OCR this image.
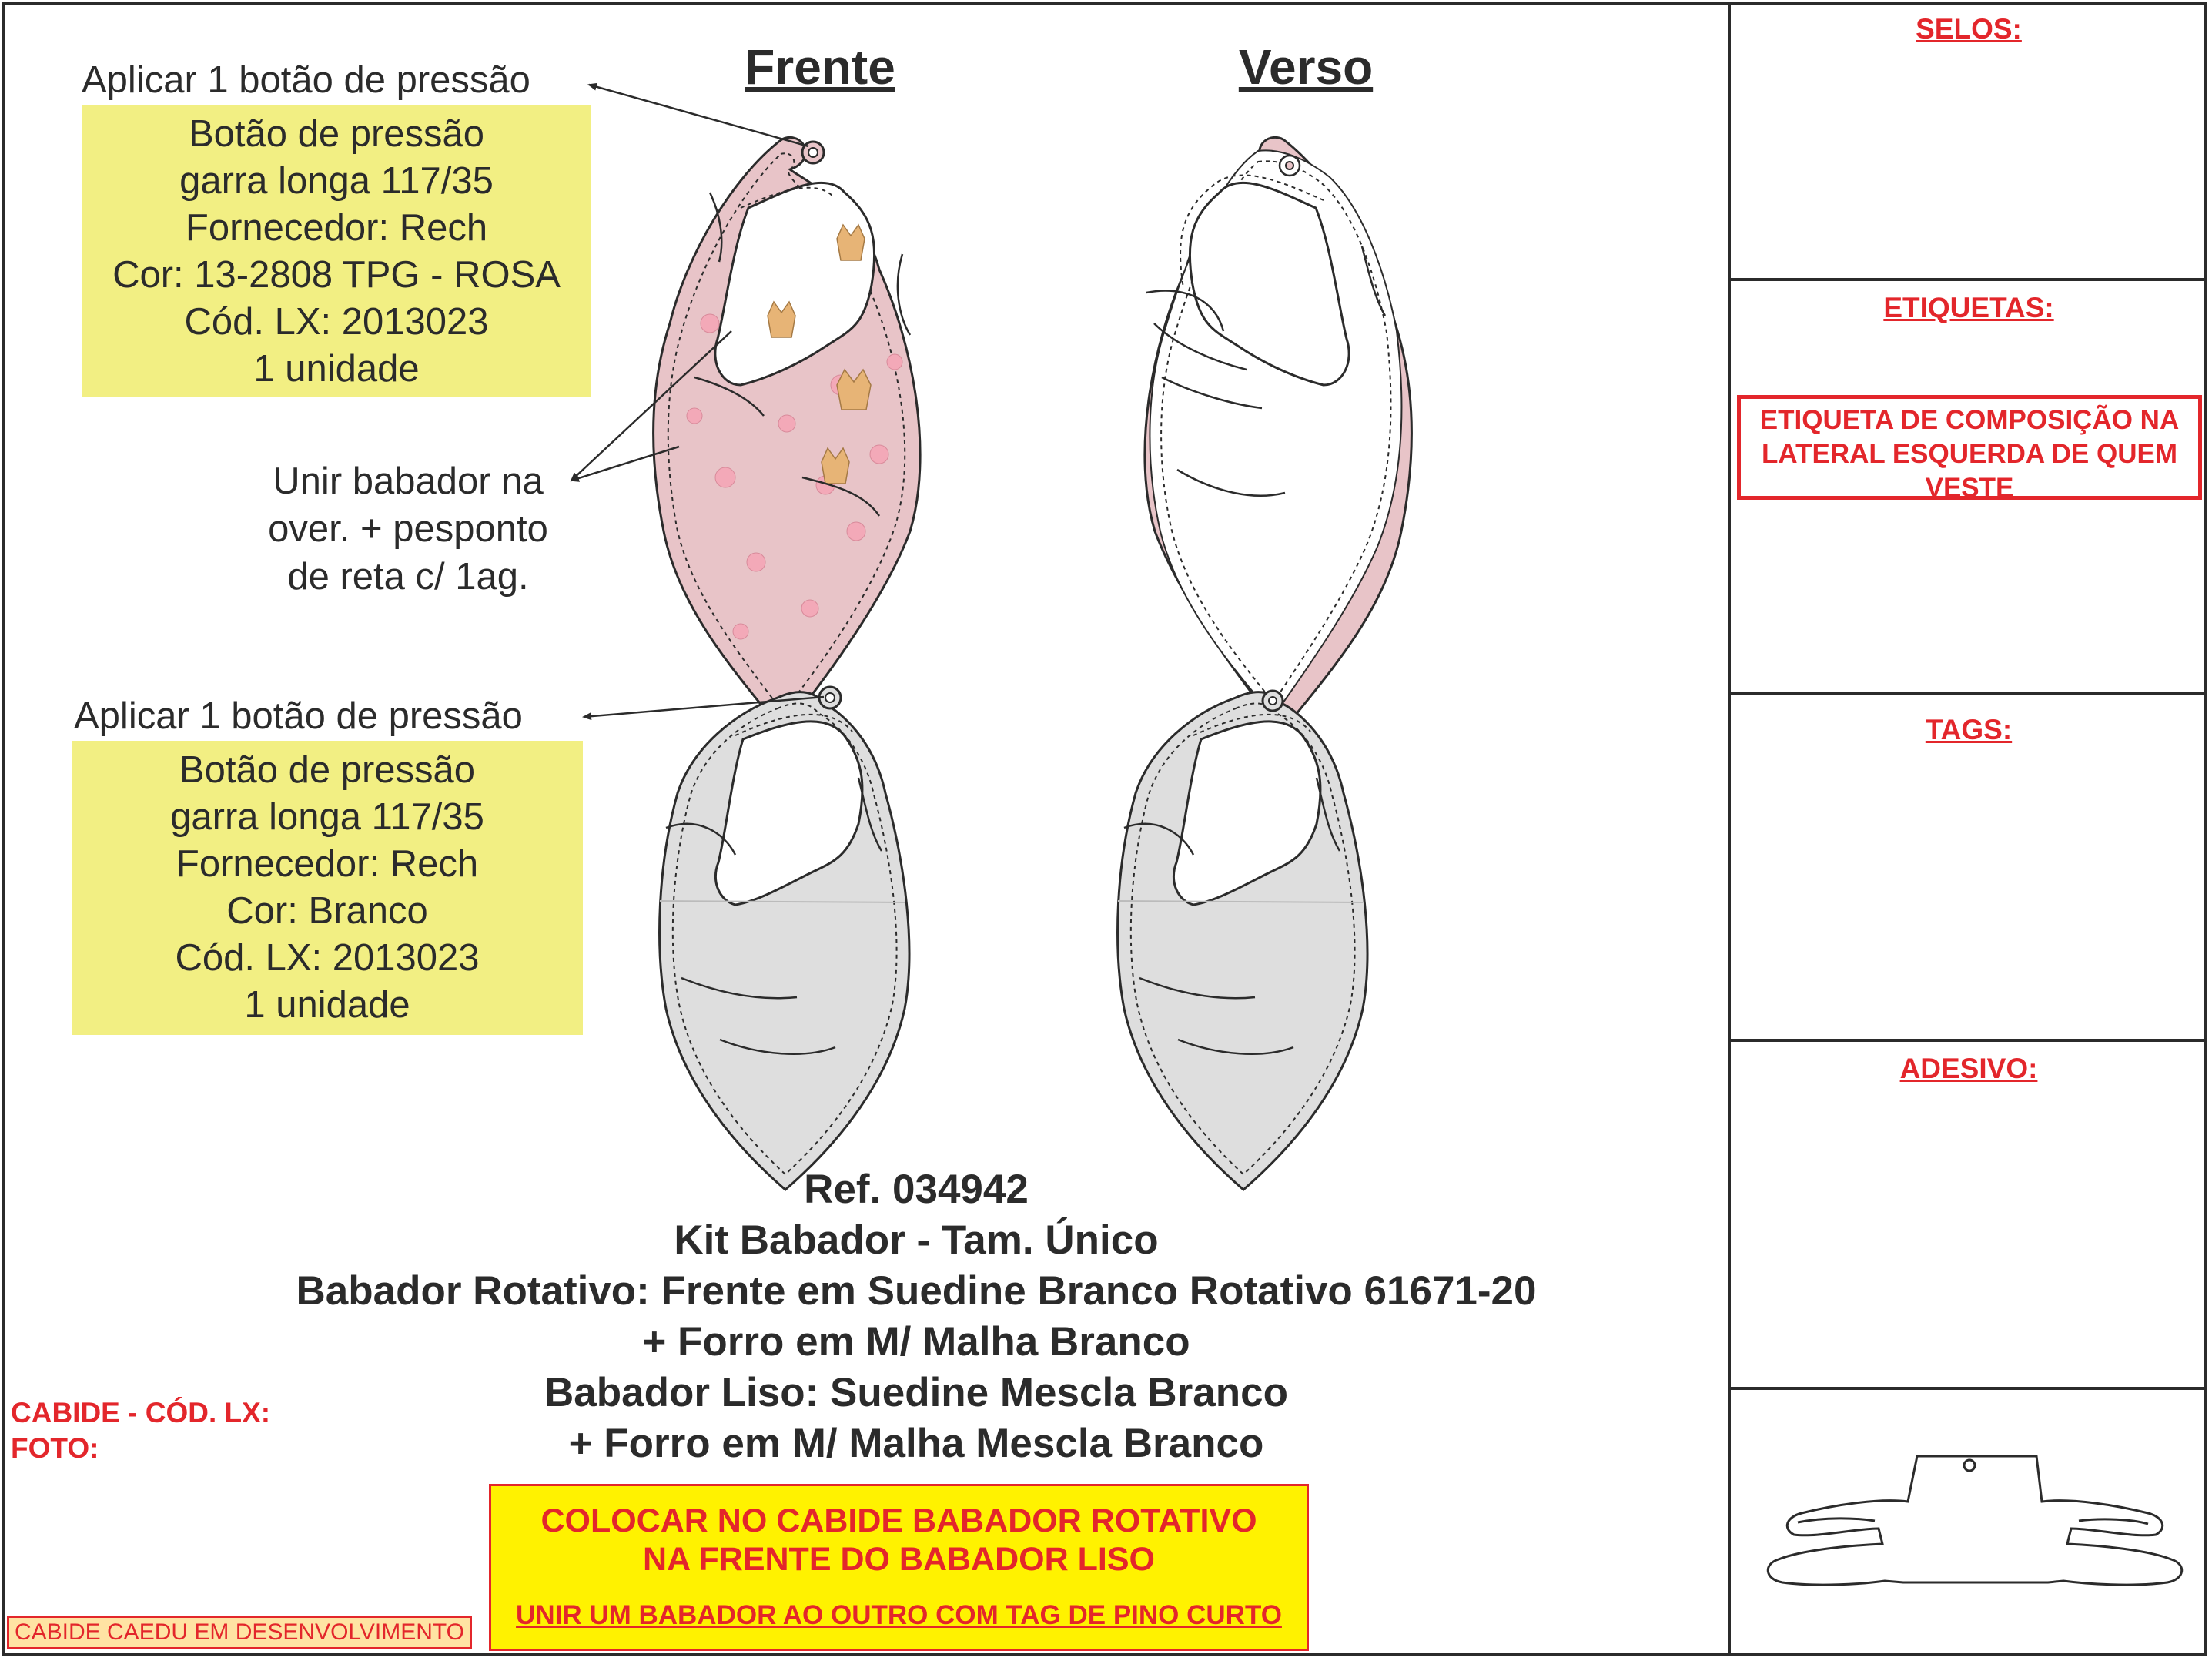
Frente	Verso
Aplicar 1 botão de pressão
Botão de pressão
garra longa 117/35
Fornecedor: Rech
Cor: 13-2808 TPG - ROSA
Cód. LX: 2013023
1 unidade
Unir babador na
over. + pesponto
de reta c/ 1ag.
Aplicar 1 botão de pressão
Botão de pressão
garra longa 117/35
Fornecedor: Rech
Cor: Branco
Cód. LX: 2013023
1 unidade
Ref. 034942
Kit Babador - Tam. Único
Babador Rotativo: Frente em Suedine Branco Rotativo 61671-20
+ Forro em M/ Malha Branco
Babador Liso: Suedine Mescla Branco
+ Forro em M/ Malha Mescla Branco
COLOCAR NO CABIDE BABADOR ROTATIVO
NA FRENTE DO BABADOR LISO
UNIR UM BABADOR AO OUTRO COM TAG DE PINO CURTO
SELOS:
ETIQUETAS:
ETIQUETA DE COMPOSIÇÃO NA
LATERAL ESQUERDA DE QUEM
VESTE
TAGS:
ADESIVO:
CABIDE - CÓD. LX:
FOTO:
CABIDE CAEDU EM DESENVOLVIMENTO
